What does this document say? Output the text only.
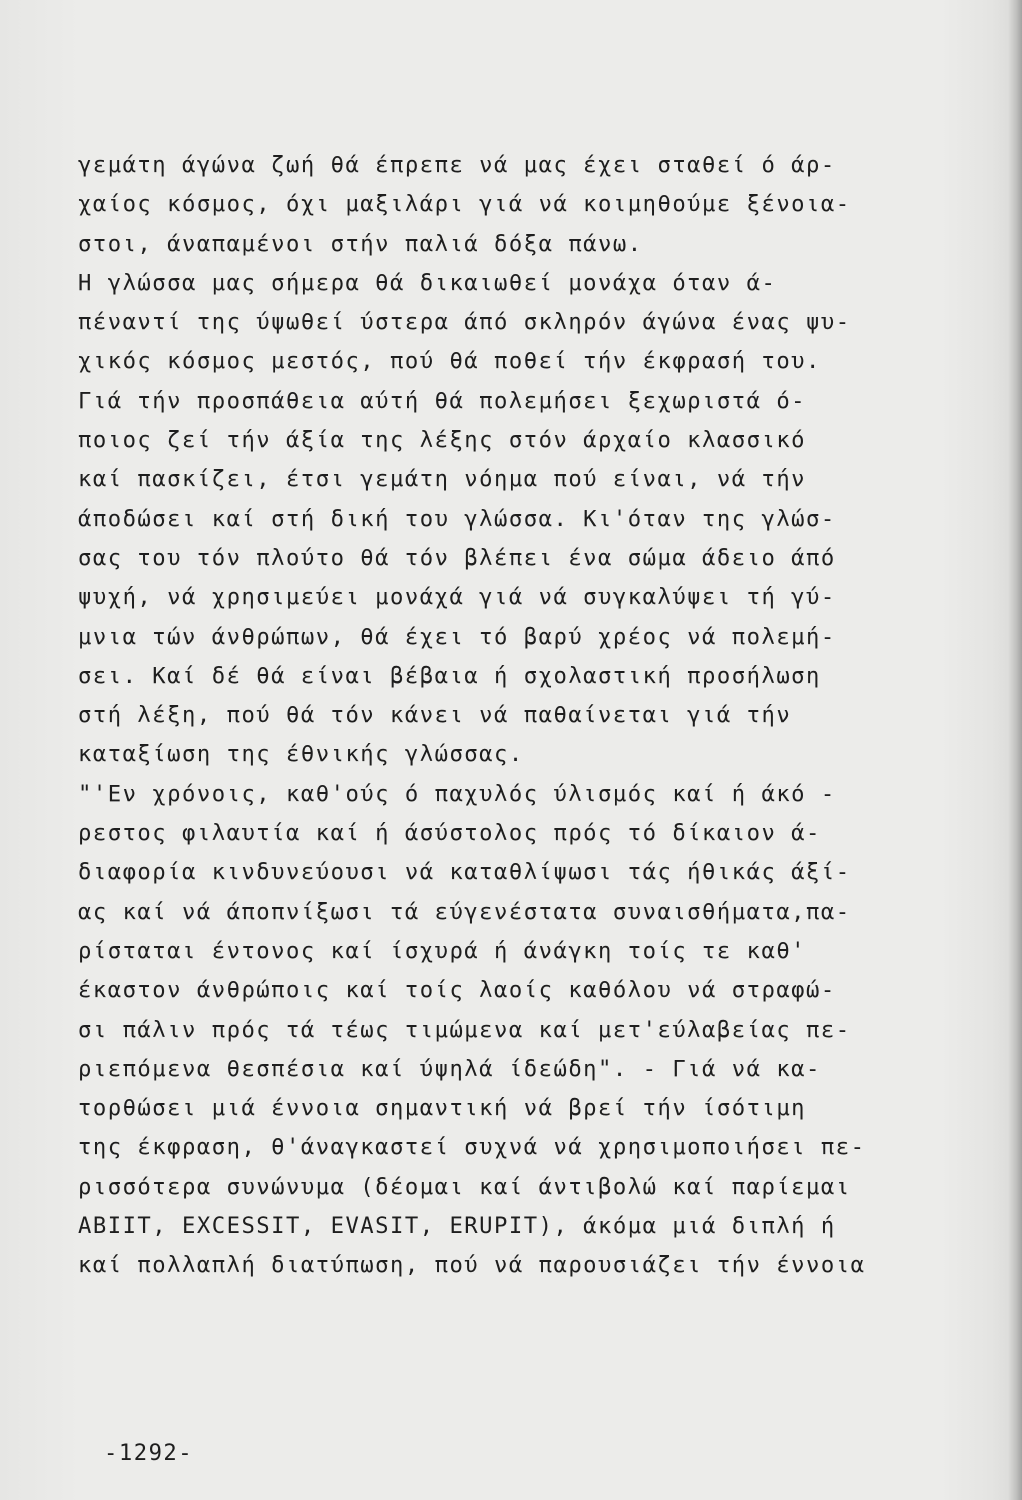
γεμάτη άγώνα ζωή θά έπρεπε νά μας έχει σταθεί ό άρ-
χαίος κόσμος, όχι μαξιλάρι γιά νά κοιμηθούμε ξένοια-
στοι, άναπαμένοι στήν παλιά δόξα πάνω.
Η γλώσσα μας σήμερα θά δικαιωθεί μονάχα όταν ά-
πέναντί της ύψωθεί ύστερα άπό σκληρόν άγώνα ένας ψυ-
χικός κόσμος μεστός, πού θά ποθεί τήν έκφρασή του.
Γιά τήν προσπάθεια αύτή θά πολεμήσει ξεχωριστά ό-
ποιος ζεί τήν άξία της λέξης στόν άρχαίο κλασσικό
καί πασκίζει, έτσι γεμάτη νόημα πού είναι, νά τήν
άποδώσει καί στή δική του γλώσσα. Κι'όταν της γλώσ-
σας του τόν πλούτο θά τόν βλέπει ένα σώμα άδειο άπό
ψυχή, νά χρησιμεύει μονάχά γιά νά συγκαλύψει τή γύ-
μνια τών άνθρώπων, θά έχει τό βαρύ χρέος νά πολεμή-
σει. Καί δέ θά είναι βέβαια ή σχολαστική προσήλωση
στή λέξη, πού θά τόν κάνει νά παθαίνεται γιά τήν
καταξίωση της έθνικής γλώσσας.
"'Εν χρόνοις, καθ'ούς ό παχυλός ύλισμός καί ή άκό -
ρεστος φιλαυτία καί ή άσύστολος πρός τό δίκαιον ά-
διαφορία κινδυνεύουσι νά καταθλίψωσι τάς ήθικάς άξί-
ας καί νά άποπνίξωσι τά εύγενέστατα συναισθήματα,πα-
ρίσταται έντονος καί ίσχυρά ή άνάγκη τοίς τε καθ'
έκαστον άνθρώποις καί τοίς λαοίς καθόλου νά στραφώ-
σι πάλιν πρός τά τέως τιμώμενα καί μετ'εύλαβείας πε-
ριεπόμενα θεσπέσια καί ύψηλά ίδεώδη". - Γιά νά κα-
τορθώσει μιά έννοια σημαντική νά βρεί τήν ίσότιμη
της έκφραση, θ'άναγκαστεί συχνά νά χρησιμοποιήσει πε-
ρισσότερα συνώνυμα (δέομαι καί άντιβολώ καί παρίεμαι
ABIIT, EXCESSIT, EVASIT, ERUPIT), άκόμα μιά διπλή ή
καί πολλαπλή διατύπωση, πού νά παρουσιάζει τήν έννοια
-1292-
